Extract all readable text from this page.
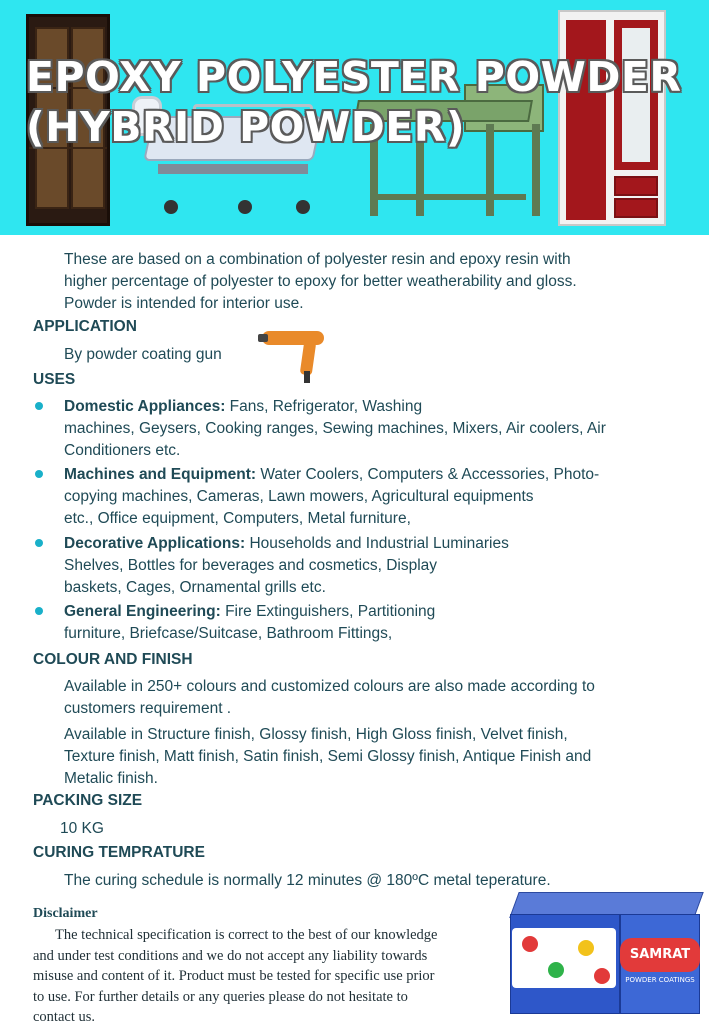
EPOXY POLYESTER POWDER
(HYBRID POWDER)
These are based on a combination of polyester resin and epoxy resin with
higher percentage of polyester to epoxy for better weatherability and gloss.
Powder is intended for interior use.
APPLICATION
By powder coating gun
USES
Domestic Appliances: Fans, Refrigerator, Washing
machines, Geysers, Cooking ranges, Sewing machines, Mixers, Air coolers, Air
Conditioners etc.
Machines and Equipment: Water Coolers, Computers & Accessories, Photo-
copying machines, Cameras, Lawn mowers, Agricultural equipments
etc., Office equipment, Computers, Metal furniture,
Decorative Applications: Households and Industrial Luminaries
Shelves, Bottles for beverages and cosmetics, Display
baskets, Cages, Ornamental grills etc.
General Engineering: Fire Extinguishers, Partitioning
furniture, Briefcase/Suitcase, Bathroom Fittings,
COLOUR AND FINISH
Available in 250+ colours and customized colours are also made according to
customers requirement .
Available in Structure finish, Glossy finish, High Gloss finish, Velvet finish,
Texture finish, Matt finish, Satin finish, Semi Glossy finish, Antique Finish and
Metalic finish.
PACKING SIZE
10 KG
CURING TEMPRATURE
The curing schedule is normally 12 minutes @ 180ºC metal teperature.
Disclaimer
The technical specification is correct to the best of our knowledge and under test conditions and we do not accept any liability towards misuse and content of it. Product must be tested for specific use prior to use. For further details or any queries please do not hesitate to contact us.
SAMRAT
POWDER COATINGS
